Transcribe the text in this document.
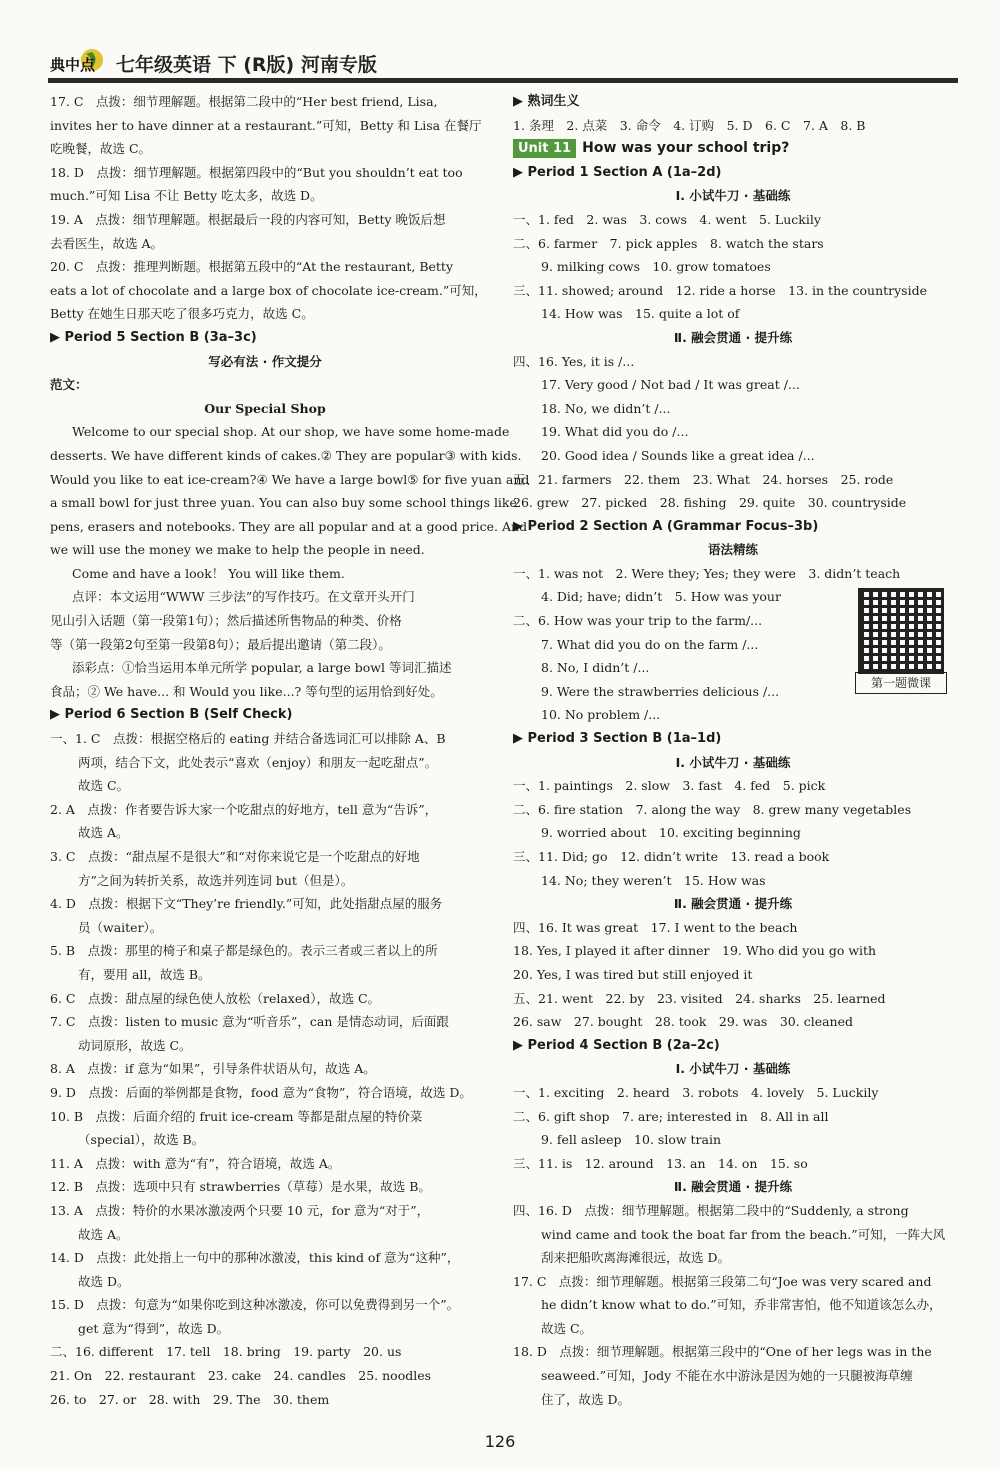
典中点 七年级英语 下 (R版) 河南专版
17. C　点拨：细节理解题。根据第二段中的“Her best friend, Lisa,
invites her to have dinner at a restaurant.”可知，Betty 和 Lisa 在餐厅
吃晚餐，故选 C。
18. D　点拨：细节理解题。根据第四段中的“But you shouldn’t eat too
much.”可知 Lisa 不让 Betty 吃太多，故选 D。
19. A　点拨：细节理解题。根据最后一段的内容可知，Betty 晚饭后想
去看医生，故选 A。
20. C　点拨：推理判断题。根据第五段中的“At the restaurant, Betty
eats a lot of chocolate and a large box of chocolate ice-cream.”可知，
Betty 在她生日那天吃了很多巧克力，故选 C。
▶ Period 5 Section B (3a–3c)
写必有法 · 作文提分
范文：
Our Special Shop
Welcome to our special shop. At our shop, we have some home-made
desserts. We have different kinds of cakes.② They are popular③ with kids.
Would you like to eat ice-cream?④ We have a large bowl⑤ for five yuan and
a small bowl for just three yuan. You can also buy some school things like
pens, erasers and notebooks. They are all popular and at a good price. And
we will use the money we make to help the people in need.
Come and have a look！ You will like them.
点评：本文运用“WWW 三步法”的写作技巧。在文章开头开门
见山引入话题（第一段第1句）；然后描述所售物品的种类、价格
等（第一段第2句至第一段第8句）；最后提出邀请（第二段）。
添彩点：①恰当运用本单元所学 popular, a large bowl 等词汇描述
食品；② We have... 和 Would you like...? 等句型的运用恰到好处。
▶ Period 6 Section B (Self Check)
一、1. C　点拨：根据空格后的 eating 并结合备选词汇可以排除 A、B
两项，结合下文，此处表示“喜欢（enjoy）和朋友一起吃甜点”。
故选 C。
2. A　点拨：作者要告诉大家一个吃甜点的好地方，tell 意为“告诉”，
故选 A。
3. C　点拨：“甜点屋不是很大”和“对你来说它是一个吃甜点的好地
方”之间为转折关系，故选并列连词 but（但是）。
4. D　点拨：根据下文“They’re friendly.”可知，此处指甜点屋的服务
员（waiter）。
5. B　点拨：那里的椅子和桌子都是绿色的。表示三者或三者以上的所
有，要用 all，故选 B。
6. C　点拨：甜点屋的绿色使人放松（relaxed），故选 C。
7. C　点拨：listen to music 意为“听音乐”，can 是情态动词，后面跟
动词原形，故选 C。
8. A　点拨：if 意为“如果”，引导条件状语从句，故选 A。
9. D　点拨：后面的举例都是食物，food 意为“食物”，符合语境，故选 D。
10. B　点拨：后面介绍的 fruit ice-cream 等都是甜点屋的特价菜
（special），故选 B。
11. A　点拨：with 意为“有”，符合语境，故选 A。
12. B　点拨：选项中只有 strawberries（草莓）是水果，故选 B。
13. A　点拨：特价的水果冰激凌两个只要 10 元，for 意为“对于”，
故选 A。
14. D　点拨：此处指上一句中的那种冰激凌，this kind of 意为“这种”，
故选 D。
15. D　点拨：句意为“如果你吃到这种冰激凌，你可以免费得到另一个”。
get 意为“得到”，故选 D。
二、16. different　17. tell　18. bring　19. party　20. us
21. On　22. restaurant　23. cake　24. candles　25. noodles
26. to　27. or　28. with　29. The　30. them
▶ 熟词生义
1. 条理　2. 点菜　3. 命令　4. 订购　5. D　6. C　7. A　8. B
Unit 11 How was your school trip?
▶ Period 1 Section A (1a–2d)
Ⅰ. 小试牛刀 · 基础练
一、1. fed　2. was　3. cows　4. went　5. Luckily
二、6. farmer　7. pick apples　8. watch the stars
9. milking cows　10. grow tomatoes
三、11. showed; around　12. ride a horse　13. in the countryside
14. How was　15. quite a lot of
Ⅱ. 融会贯通 · 提升练
四、16. Yes, it is /...
17. Very good / Not bad / It was great /...
18. No, we didn’t /...
19. What did you do /...
20. Good idea / Sounds like a great idea /...
五、21. farmers　22. them　23. What　24. horses　25. rode
26. grew　27. picked　28. fishing　29. quite　30. countryside
▶ Period 2 Section A (Grammar Focus–3b)
语法精练
一、1. was not　2. Were they; Yes; they were　3. didn’t teach
4. Did; have; didn’t　5. How was your
二、6. How was your trip to the farm/...
7. What did you do on the farm /...
8. No, I didn’t /...
9. Were the strawberries delicious /...
10. No problem /...
▶ Period 3 Section B (1a–1d)
Ⅰ. 小试牛刀 · 基础练
一、1. paintings　2. slow　3. fast　4. fed　5. pick
二、6. fire station　7. along the way　8. grew many vegetables
9. worried about　10. exciting beginning
三、11. Did; go　12. didn’t write　13. read a book
14. No; they weren’t　15. How was
Ⅱ. 融会贯通 · 提升练
四、16. It was great　17. I went to the beach
18. Yes, I played it after dinner　19. Who did you go with
20. Yes, I was tired but still enjoyed it
五、21. went　22. by　23. visited　24. sharks　25. learned
26. saw　27. bought　28. took　29. was　30. cleaned
▶ Period 4 Section B (2a–2c)
Ⅰ. 小试牛刀 · 基础练
一、1. exciting　2. heard　3. robots　4. lovely　5. Luckily
二、6. gift shop　7. are; interested in　8. All in all
9. fell asleep　10. slow train
三、11. is　12. around　13. an　14. on　15. so
Ⅱ. 融会贯通 · 提升练
四、16. D　点拨：细节理解题。根据第二段中的“Suddenly, a strong
wind came and took the boat far from the beach.”可知，一阵大风
刮来把船吹离海滩很远，故选 D。
17. C　点拨：细节理解题。根据第三段第二句“Joe was very scared and
he didn’t know what to do.”可知，乔非常害怕，他不知道该怎么办，
故选 C。
18. D　点拨：细节理解题。根据第三段中的“One of her legs was in the
seaweed.”可知，Jody 不能在水中游泳是因为她的一只腿被海草缠
住了，故选 D。
第一题微课
126
